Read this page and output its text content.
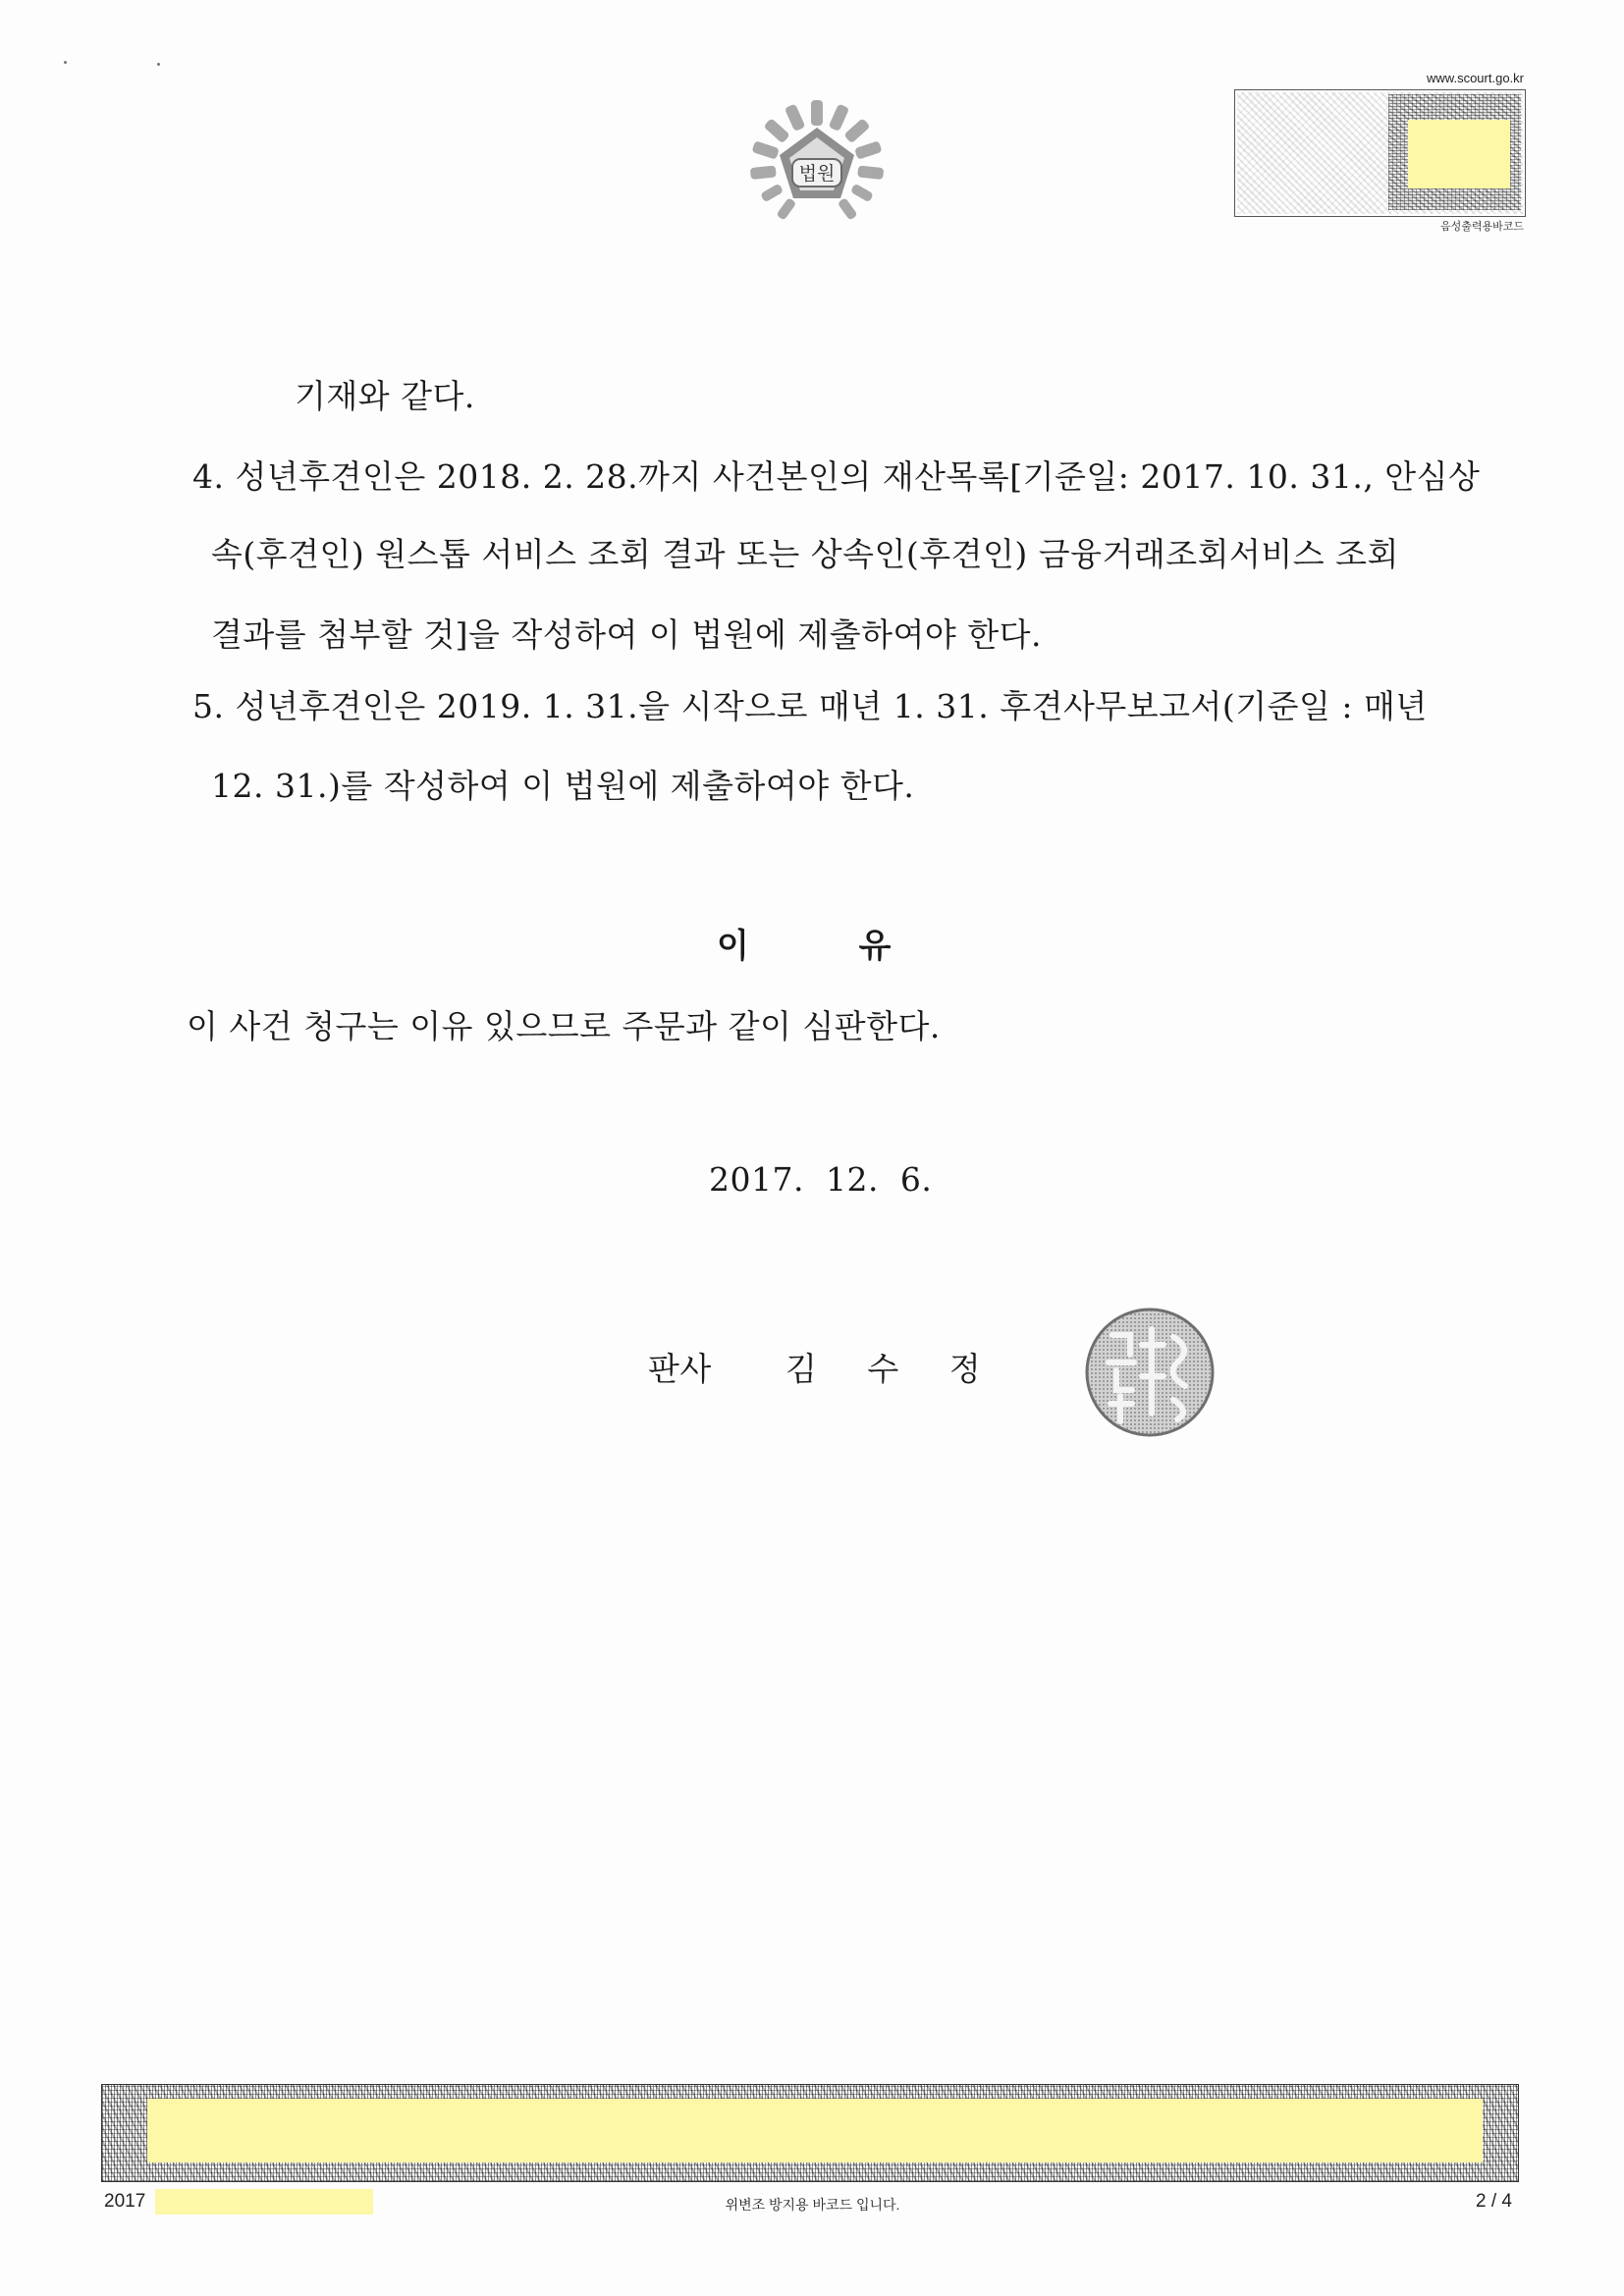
법원
www.scourt.go.kr
음성출력용바코드
기재와 같다.
4. 성년후견인은 2018. 2. 28.까지 사건본인의 재산목록[기준일: 2017. 10. 31., 안심상
속(후견인) 원스톱 서비스 조회 결과 또는 상속인(후견인) 금융거래조회서비스 조회
결과를 첨부할 것]을 작성하여 이 법원에 제출하여야 한다.
5. 성년후견인은 2019. 1. 31.을 시작으로 매년 1. 31. 후견사무보고서(기준일 : 매년
12. 31.)를 작성하여 이 법원에 제출하여야 한다.
이 유
이 사건 청구는 이유 있으므로 주문과 같이 심판한다.
2017.  12.  6.
판사 김 수 정
2017	위변조 방지용 바코드 입니다.	2 / 4
